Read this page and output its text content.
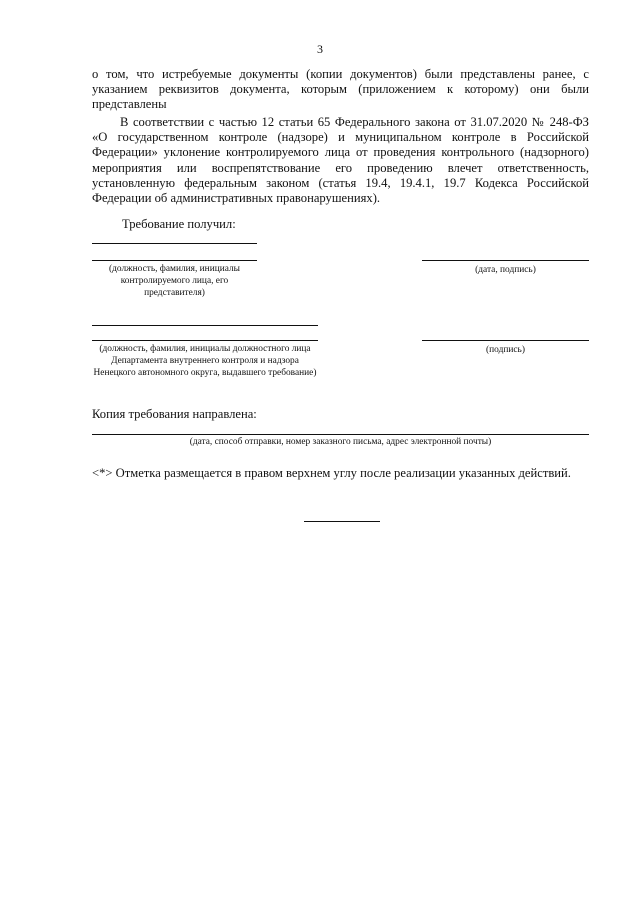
3
о том, что истребуемые документы (копии документов) были представлены ранее, с указанием реквизитов документа, которым (приложением к которому) они были представлены
В соответствии с частью 12 статьи 65 Федерального закона от 31.07.2020 № 248-ФЗ «О государственном контроле (надзоре) и муниципальном контроле в Российской Федерации» уклонение контролируемого лица от проведения контрольного (надзорного) мероприятия или воспрепятствование его проведению влечет ответственность, установленную федеральным законом (статья 19.4, 19.4.1, 19.7 Кодекса Российской Федерации об административных правонарушениях).
Требование получил:
(должность, фамилия, инициалы контролируемого лица, его представителя)
(дата, подпись)
(должность, фамилия, инициалы должностного лица Департамента внутреннего контроля и надзора Ненецкого автономного округа, выдавшего требование)
(подпись)
Копия требования направлена:
(дата, способ отправки, номер заказного письма, адрес электронной почты)
<*> Отметка размещается в правом верхнем углу после реализации указанных действий.
